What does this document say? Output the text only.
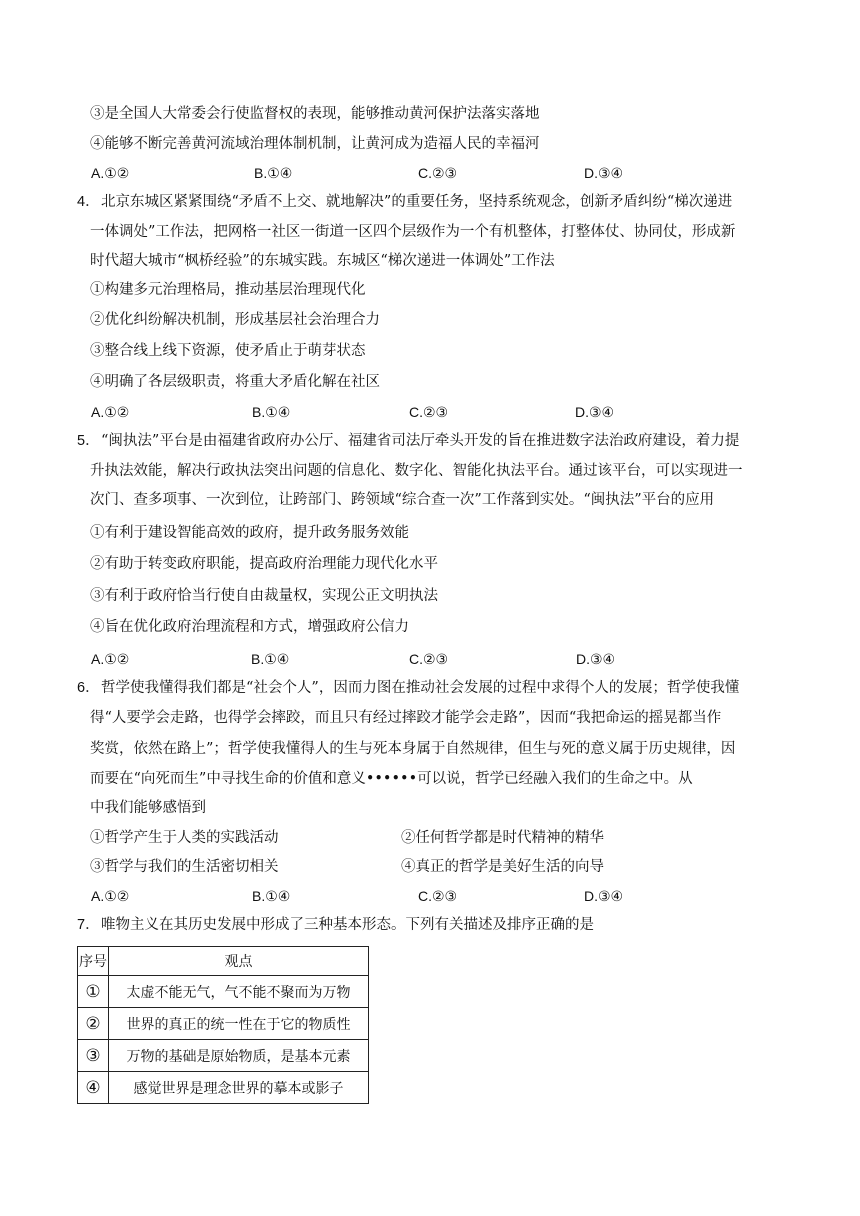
③是全国人大常委会行使监督权的表现，能够推动黄河保护法落实落地
④能够不断完善黄河流域治理体制机制，让黄河成为造福人民的幸福河
A.①②	B.①④	C.②③	D.③④
4． 北京东城区紧紧围绕“矛盾不上交、就地解决”的重要任务，坚持系统观念，创新矛盾纠纷“梯次递进
一体调处”工作法，把网格一社区一街道一区四个层级作为一个有机整体，打整体仗、协同仗，形成新
时代超大城市“枫桥经验”的东城实践。东城区“梯次递进一体调处”工作法
①构建多元治理格局，推动基层治理现代化
②优化纠纷解决机制，形成基层社会治理合力
③整合线上线下资源，使矛盾止于萌芽状态
④明确了各层级职责，将重大矛盾化解在社区
A.①②	B.①④	C.②③	D.③④
5． “闽执法”平台是由福建省政府办公厅、福建省司法厅牵头开发的旨在推进数字法治政府建设，着力提
升执法效能，解决行政执法突出问题的信息化、数字化、智能化执法平台。通过该平台，可以实现进一
次门、查多项事、一次到位，让跨部门、跨领域“综合查一次”工作落到实处。“闽执法”平台的应用
①有利于建设智能高效的政府，提升政务服务效能
②有助于转变政府职能，提高政府治理能力现代化水平
③有利于政府恰当行使自由裁量权，实现公正文明执法
④旨在优化政府治理流程和方式，增强政府公信力
A.①②	B.①④	C.②③	D.③④
6． 哲学使我懂得我们都是“社会个人”，因而力图在推动社会发展的过程中求得个人的发展；哲学使我懂
得“人要学会走路，也得学会摔跤，而且只有经过摔跤才能学会走路”，因而“我把命运的摇晃都当作
奖赏，依然在路上”；哲学使我懂得人的生与死本身属于自然规律，但生与死的意义属于历史规律，因
而要在“向死而生”中寻找生命的价值和意义••••••可以说，哲学已经融入我们的生命之中。从
中我们能够感悟到
①哲学产生于人类的实践活动	②任何哲学都是时代精神的精华
③哲学与我们的生活密切相关	④真正的哲学是美好生活的向导
A.①②	B.①④	C.②③	D.③④
7． 唯物主义在其历史发展中形成了三种基本形态。下列有关描述及排序正确的是
序号	观点
①	太虚不能无气，气不能不聚而为万物
②	世界的真正的统一性在于它的物质性
③	万物的基础是原始物质，是基本元素
④	感觉世界是理念世界的摹本或影子
